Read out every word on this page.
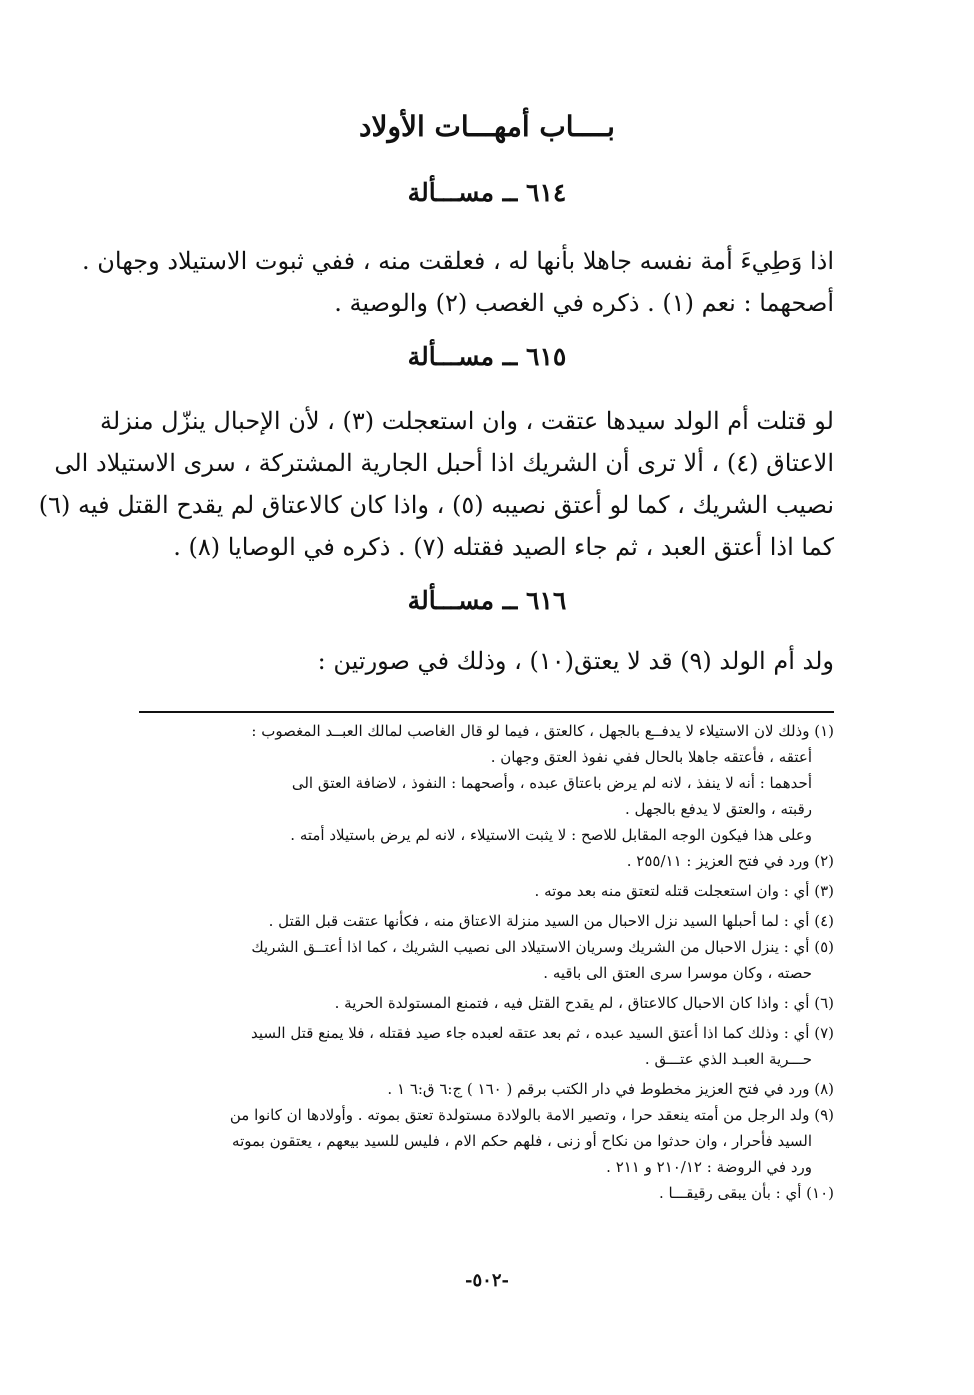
بــــاب أمهـــات الأولاد
٦١٤ ــ مســـألة
اذا وَطِيءَ أمة نفسه جاهلا بأنها له ، فعلقت منه ، ففي ثبوت الاستيلاد وجهان .
أصحهما : نعم (١) . ذكره في الغصب (٢) والوصية .
٦١٥ ــ مســـألة
لو قتلت أم الولد سيدها عتقت ، وان استعجلت (٣) ، لأن الإحبال ينزّل منزلة
الاعتاق (٤) ، ألا ترى أن الشريك اذا أحبل الجارية المشتركة ، سرى الاستيلاد الى
نصيب الشريك ، كما لو أعتق نصيبه (٥) ، واذا كان كالاعتاق لم يقدح القتل فيه (٦)
كما اذا أعتق العبد ، ثم جاء الصيد فقتله (٧) . ذكره في الوصايا (٨) .
٦١٦ ــ مســـألة
ولد أم الولد (٩) قد لا يعتق(١٠) ، وذلك في صورتين :
(١) وذلك لان الاستيلاء لا يدفــع بالجهل ، كالعتق ، فيما لو قال الغاصب لمالك العبــد المغصوب :
أعتقه ، فأعتقه جاهلا بالحال ففي نفوذ العتق وجهان .
أحدهما : أنه لا ينفذ ، لانه لم يرض باعتاق عبده ، وأصحهما : النفوذ ، لاضافة العتق الى
رقبته ، والعتق لا يدفع بالجهل .
وعلى هذا فيكون الوجه المقابل للاصح : لا يثبت الاستيلاء ، لانه لم يرض باستيلاد أمته .
(٢) ورد في فتح العزيز : ٢٥٥/١١ .
(٣) أي : وان استعجلت قتله لتعتق منه بعد موته .
(٤) أي : لما أحبلها السيد نزل الاحبال من السيد منزلة الاعتاق منه ، فكأنها عتقت قبل القتل .
(٥) أي : ينزل الاحبال من الشريك وسريان الاستيلاد الى نصيب الشريك ، كما اذا أعتــق الشريك
حصته ، وكان موسرا سرى العتق الى باقيه .
(٦) أي : واذا كان الاحبال كالاعتاق ، لم يقدح القتل فيه ، فتمنع المستولدة الحرية .
(٧) أي : وذلك كما اذا أعتق السيد عبده ، ثم بعد عتقه لعبده جاء صيد فقتله ، فلا يمنع قتل السيد
حـــرية العبـد الذي عتـــق .
(٨) ورد في فتح العزيز مخطوط في دار الكتب برقم ( ١٦٠ ) ج:٦ ق:٦ ١ .
(٩) ولد الرجل من أمته ينعقد حرا ، وتصير الامة بالولادة مستولدة تعتق بموته . وأولادها ان كانوا من
السيد فأحرار ، وان حدثوا من نكاح أو زنى ، فلهم حكم الام ، فليس للسيد بيعهم ، يعتقون بموته
ورد في الروضة : ٢١٠/١٢ و ٢١١ .
(١٠) أي : بأن يبقى رقيقـــا .
-٥٠٢-
